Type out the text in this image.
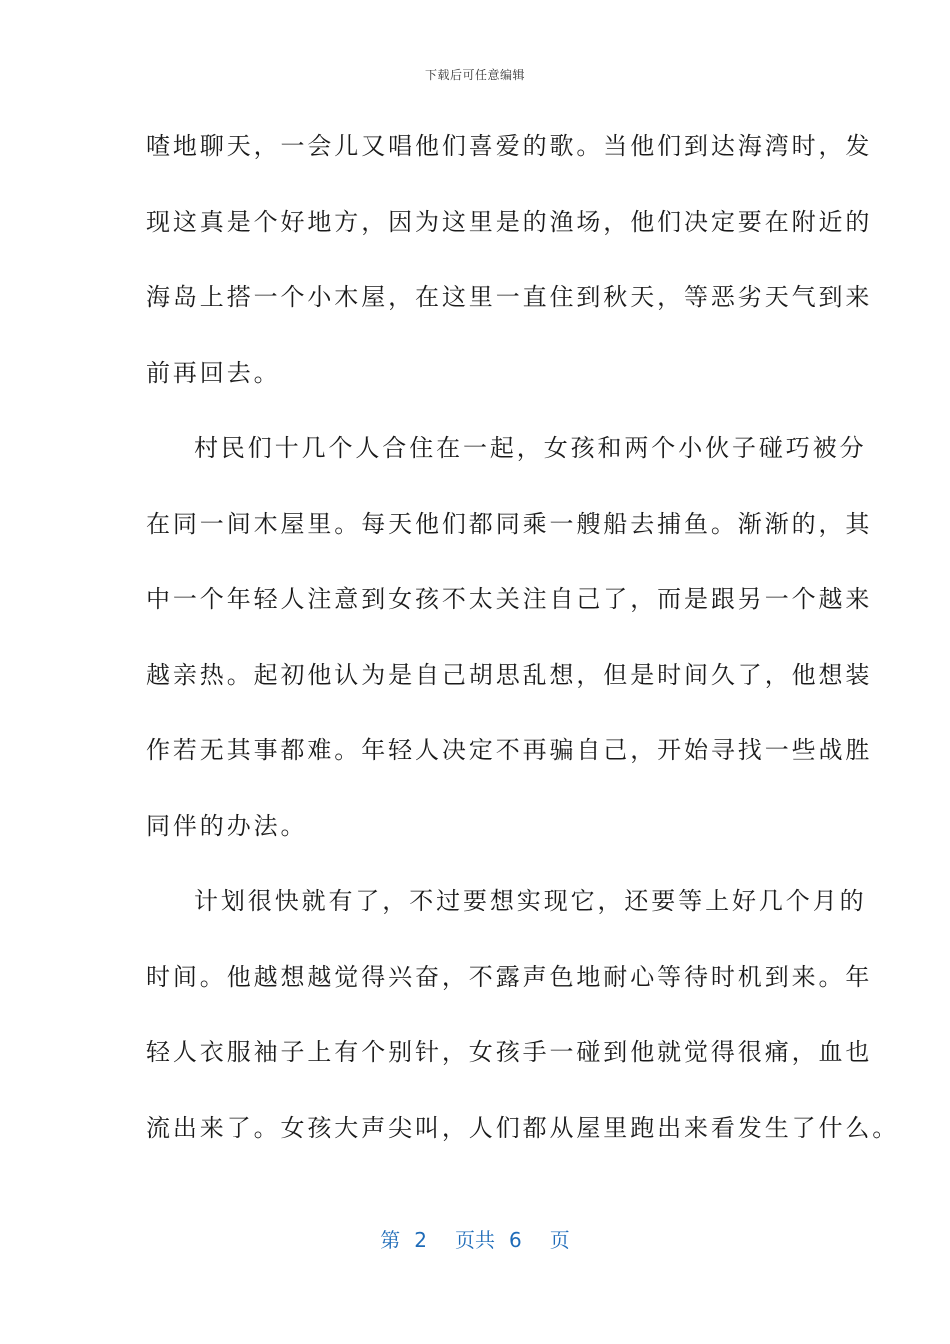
下载后可任意编辑
喳地聊天，一会儿又唱他们喜爱的歌。当他们到达海湾时，发
现这真是个好地方，因为这里是的渔场，他们决定要在附近的
海岛上搭一个小木屋，在这里一直住到秋天，等恶劣天气到来
前再回去。
村民们十几个人合住在一起，女孩和两个小伙子碰巧被分
在同一间木屋里。每天他们都同乘一艘船去捕鱼。渐渐的，其
中一个年轻人注意到女孩不太关注自己了，而是跟另一个越来
越亲热。起初他认为是自己胡思乱想，但是时间久了，他想装
作若无其事都难。年轻人决定不再骗自己，开始寻找一些战胜
同伴的办法。
计划很快就有了，不过要想实现它，还要等上好几个月的
时间。他越想越觉得兴奋，不露声色地耐心等待时机到来。年
轻人衣服袖子上有个别针，女孩手一碰到他就觉得很痛，血也
流出来了。女孩大声尖叫，人们都从屋里跑出来看发生了什么。
第 2 页共 6 页
